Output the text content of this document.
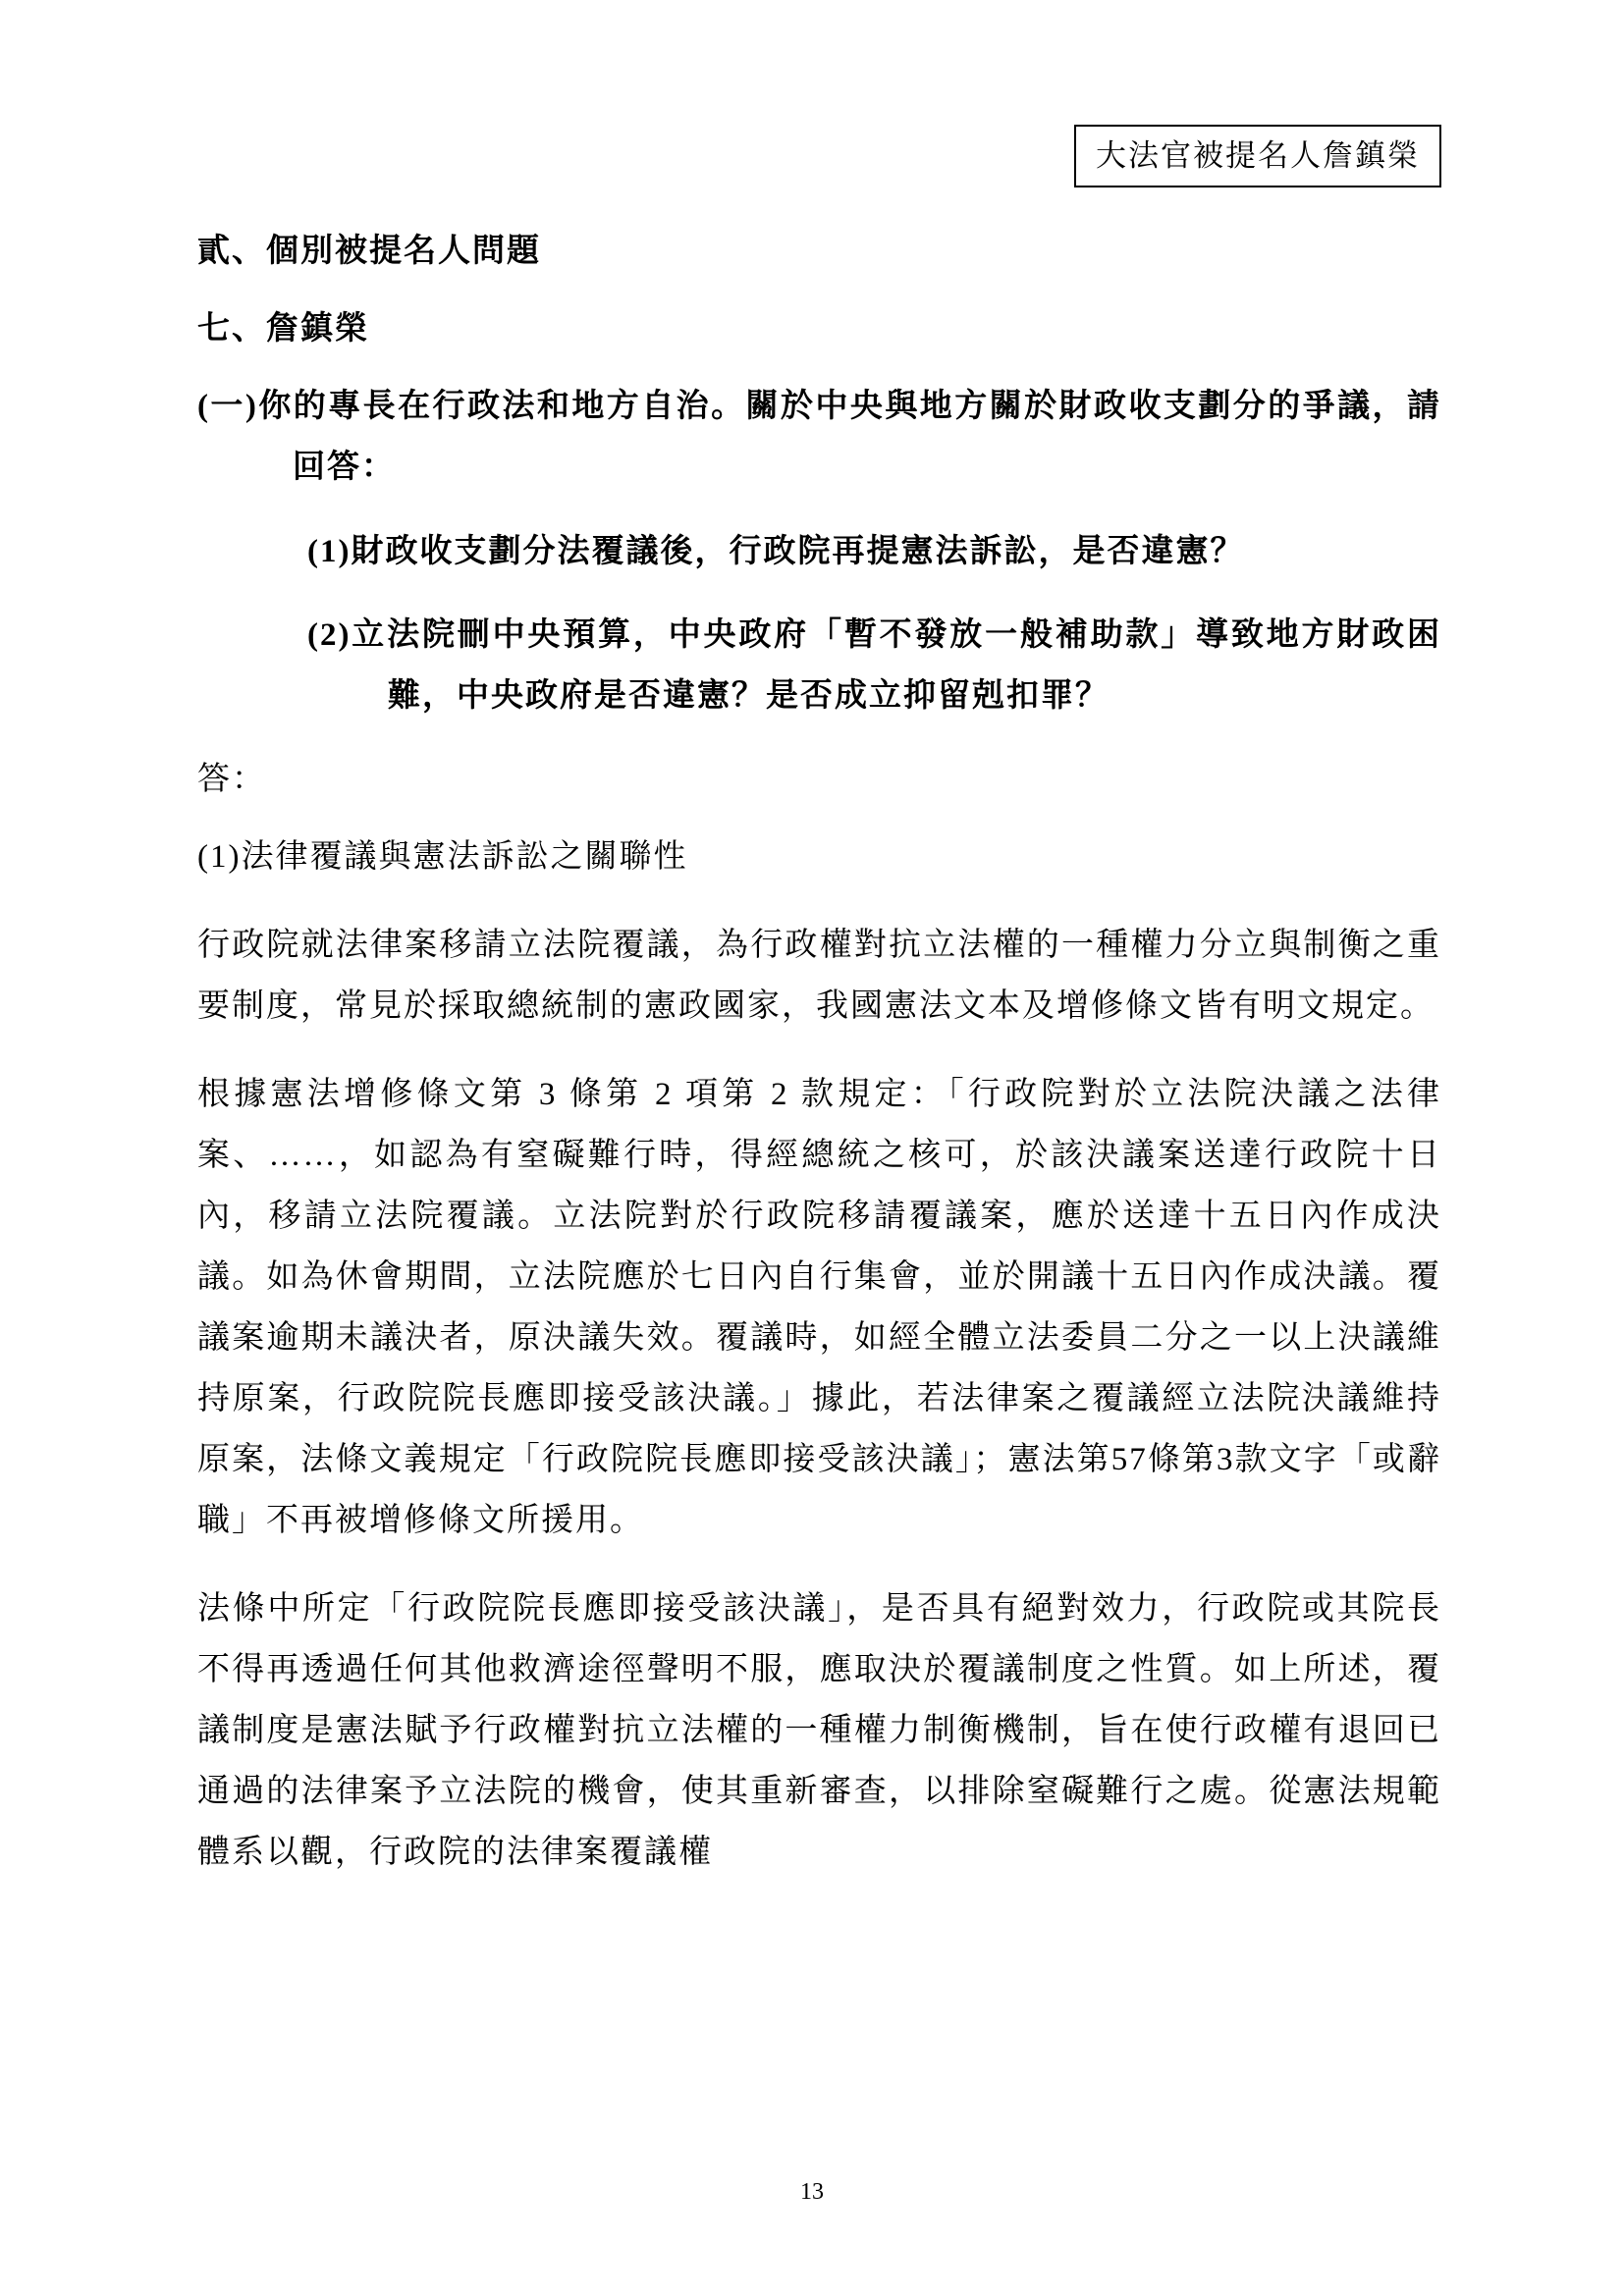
大法官被提名人詹鎮榮
貳、個別被提名人問題
七、詹鎮榮
(一)你的專長在行政法和地方自治。關於中央與地方關於財政收支劃分的爭議，請回答：
(1)財政收支劃分法覆議後，行政院再提憲法訴訟，是否違憲？
(2)立法院刪中央預算，中央政府「暫不發放一般補助款」導致地方財政困難，中央政府是否違憲？是否成立抑留剋扣罪？
答：
(1)法律覆議與憲法訴訟之關聯性

行政院就法律案移請立法院覆議，為行政權對抗立法權的一種權力分立與制衡之重要制度，常見於採取總統制的憲政國家，我國憲法文本及增修條文皆有明文規定。

根據憲法增修條文第 3 條第 2 項第 2 款規定：「行政院對於立法院決議之法律案、……，如認為有窒礙難行時，得經總統之核可，於該決議案送達行政院十日內，移請立法院覆議。立法院對於行政院移請覆議案，應於送達十五日內作成決議。如為休會期間，立法院應於七日內自行集會，並於開議十五日內作成決議。覆議案逾期未議決者，原決議失效。覆議時，如經全體立法委員二分之一以上決議維持原案，行政院院長應即接受該決議。」據此，若法律案之覆議經立法院決議維持原案，法條文義規定「行政院院長應即接受該決議」；憲法第57條第3款文字「或辭職」不再被增修條文所援用。

法條中所定「行政院院長應即接受該決議」，是否具有絕對效力，行政院或其院長不得再透過任何其他救濟途徑聲明不服，應取決於覆議制度之性質。如上所述，覆議制度是憲法賦予行政權對抗立法權的一種權力制衡機制，旨在使行政權有退回已通過的法律案予立法院的機會，使其重新審查，以排除窒礙難行之處。從憲法規範體系以觀，行政院的法律案覆議權

13
